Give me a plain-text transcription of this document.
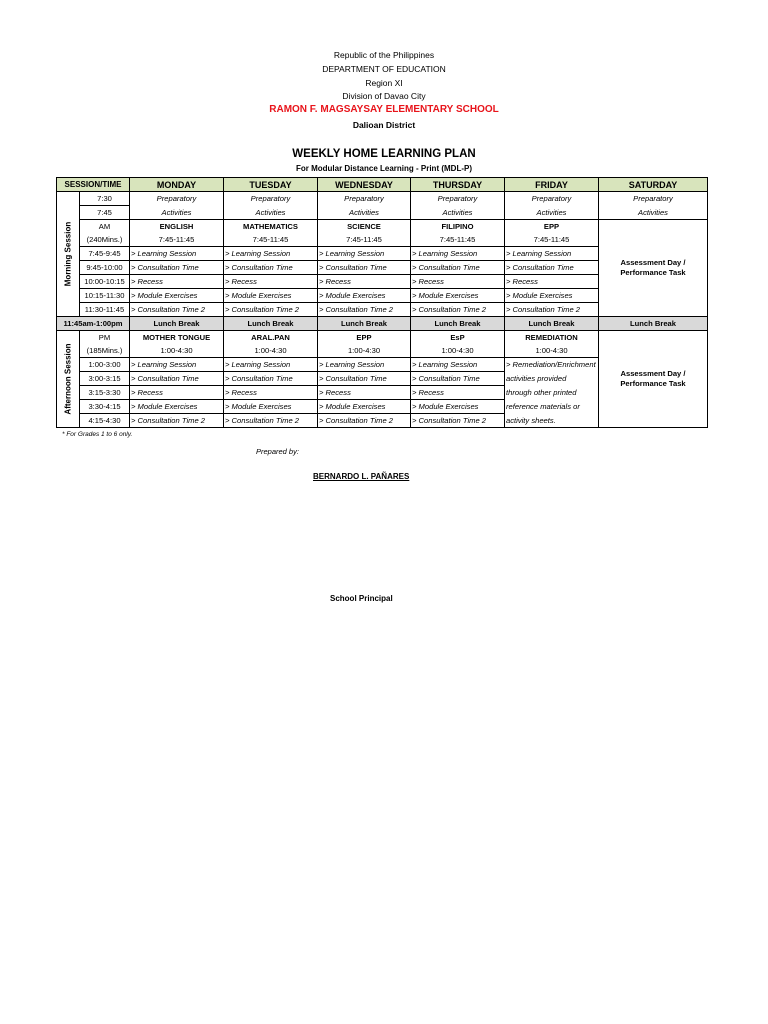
Republic of the Philippines
DEPARTMENT OF EDUCATION
Region XI
Division of Davao City
RAMON F. MAGSAYSAY ELEMENTARY SCHOOL
Dalioan District
WEEKLY HOME LEARNING PLAN
For Modular Distance Learning - Print (MDL-P)
SESSION/TIME		MONDAY	TUESDAY	WEDNESDAY	THURSDAY	FRIDAY	SATURDAY

Morning Session	7:30	Preparatory	Preparatory	Preparatory	Preparatory	Preparatory	Preparatory
	7:45	Activities	Activities	Activities	Activities	Activities	Activities
	AM	ENGLISH	MATHEMATICS	SCIENCE	FILIPINO	EPP	Assessment Day / Performance Task
	(240Mins.)	7:45-11:45	7:45-11:45	7:45-11:45	7:45-11:45	7:45-11:45	
	7:45-9:45	> Learning Session	> Learning Session	> Learning Session	> Learning Session	> Learning Session	
	9:45-10:00	> Consultation Time	> Consultation Time	> Consultation Time	> Consultation Time	> Consultation Time	
	10:00-10:15	> Recess	> Recess	> Recess	> Recess	> Recess	
	10:15-11:30	> Module Exercises	> Module Exercises	> Module Exercises	> Module Exercises	> Module Exercises	
	11:30-11:45	> Consultation Time 2	> Consultation Time 2	> Consultation Time 2	> Consultation Time 2	> Consultation Time 2	
11:45am-1:00pm		Lunch Break	Lunch Break	Lunch Break	Lunch Break	Lunch Break	Lunch Break

Afternoon Session	PM	MOTHER TONGUE	ARAL.PAN	EPP	EsP	REMEDIATION	Assessment Day / Performance Task
	(185Mins.)	1:00-4:30	1:00-4:30	1:00-4:30	1:00-4:30	1:00-4:30	
	1:00-3:00	> Learning Session	> Learning Session	> Learning Session	> Learning Session	> Remediation/Enrichment	
	3:00-3:15	> Consultation Time	> Consultation Time	> Consultation Time	> Consultation Time	activities provided	
	3:15-3:30	> Recess	> Recess	> Recess	> Recess	through other printed	
	3:30-4:15	> Module Exercises	> Module Exercises	> Module Exercises	> Module Exercises	reference materials or	
	4:15-4:30	> Consultation Time 2	> Consultation Time 2	> Consultation Time 2	> Consultation Time 2	activity sheets.	
* For Grades 1 to 6 only.
Prepared by:
BERNARDO L. PAÑARES
School Principal
